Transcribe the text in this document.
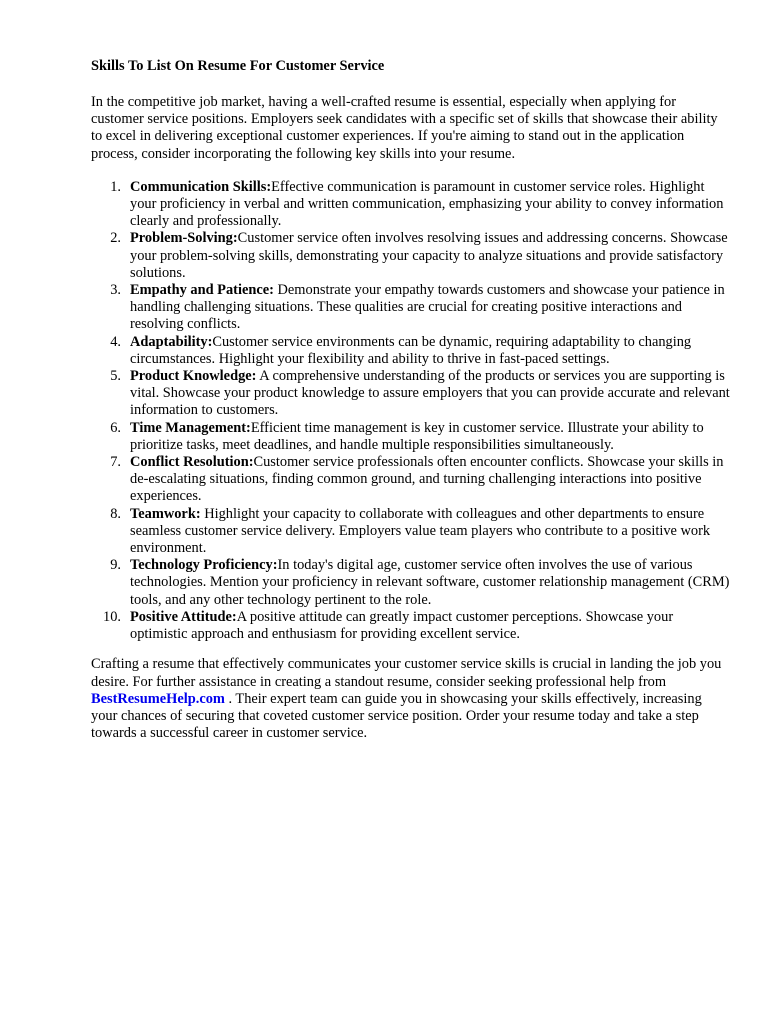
Skills To List On Resume For Customer Service

In the competitive job market, having a well-crafted resume is essential, especially when applying for customer service positions. Employers seek candidates with a specific set of skills that showcase their ability to excel in delivering exceptional customer experiences. If you're aiming to stand out in the application process, consider incorporating the following key skills into your resume.

1. Communication Skills:Effective communication is paramount in customer service roles. Highlight your proficiency in verbal and written communication, emphasizing your ability to convey information clearly and professionally.
2. Problem-Solving:Customer service often involves resolving issues and addressing concerns. Showcase your problem-solving skills, demonstrating your capacity to analyze situations and provide satisfactory solutions.
3. Empathy and Patience: Demonstrate your empathy towards customers and showcase your patience in handling challenging situations. These qualities are crucial for creating positive interactions and resolving conflicts.
4. Adaptability:Customer service environments can be dynamic, requiring adaptability to changing circumstances. Highlight your flexibility and ability to thrive in fast-paced settings.
5. Product Knowledge: A comprehensive understanding of the products or services you are supporting is vital. Showcase your product knowledge to assure employers that you can provide accurate and relevant information to customers.
6. Time Management:Efficient time management is key in customer service. Illustrate your ability to prioritize tasks, meet deadlines, and handle multiple responsibilities simultaneously.
7. Conflict Resolution:Customer service professionals often encounter conflicts. Showcase your skills in de-escalating situations, finding common ground, and turning challenging interactions into positive experiences.
8. Teamwork: Highlight your capacity to collaborate with colleagues and other departments to ensure seamless customer service delivery. Employers value team players who contribute to a positive work environment.
9. Technology Proficiency:In today's digital age, customer service often involves the use of various technologies. Mention your proficiency in relevant software, customer relationship management (CRM) tools, and any other technology pertinent to the role.
10. Positive Attitude:A positive attitude can greatly impact customer perceptions. Showcase your optimistic approach and enthusiasm for providing excellent service.

Crafting a resume that effectively communicates your customer service skills is crucial in landing the job you desire. For further assistance in creating a standout resume, consider seeking professional help from BestResumeHelp.com . Their expert team can guide you in showcasing your skills effectively, increasing your chances of securing that coveted customer service position. Order your resume today and take a step towards a successful career in customer service.
